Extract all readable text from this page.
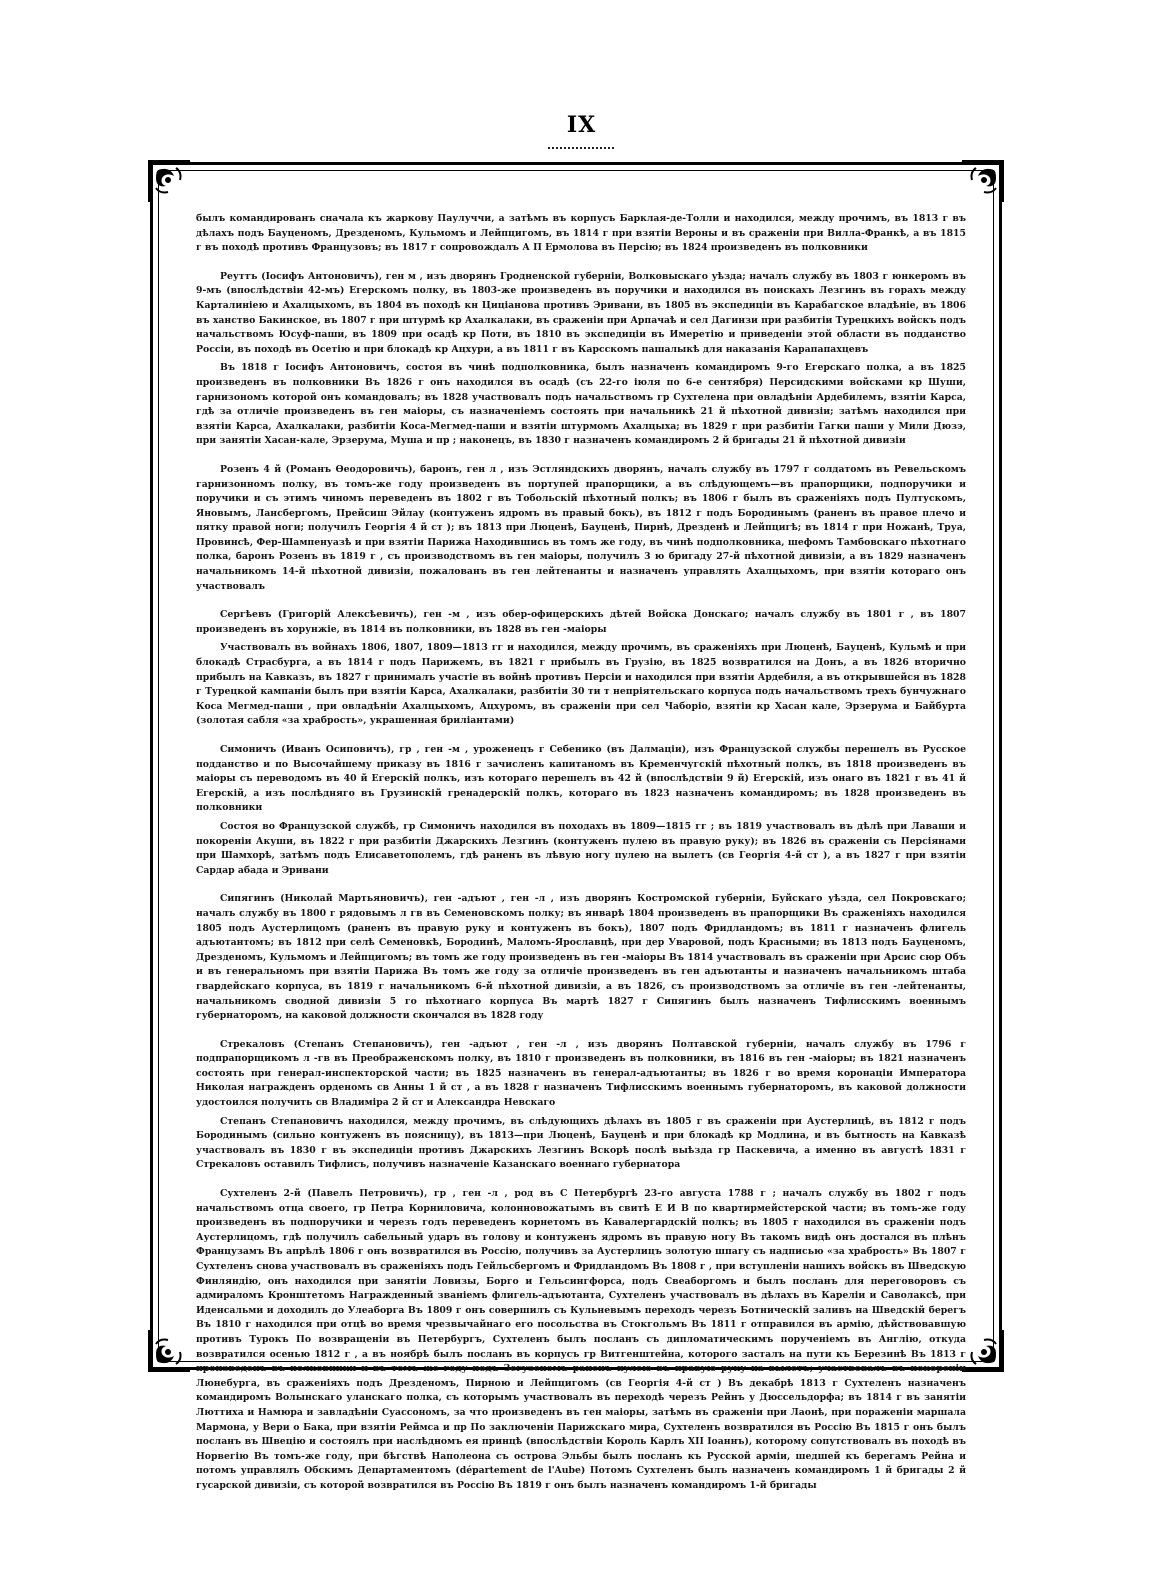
IX

былъ командированъ сначала къ жаркову Паулуччи, а затѣмъ въ корпусъ Барклая-де-Толли и находился, между прочимъ, въ 1813 г въ дѣлахъ подъ Бауценомъ, Дрезденомъ, Кульмомъ и Лейпцигомъ, въ 1814 г при взятіи Вероны и въ сраженіи при Вилла-Франкѣ, а въ 1815 г въ походѣ противъ Французовъ; въ 1817 г сопровождалъ А П Ермолова въ Персію; въ 1824 произведенъ въ полковники

Реуттъ (Іосифъ Антоновичъ), ген м , изъ дворянъ Гродненской губерніи, Волковыскаго уѣзда; началъ службу въ 1803 г юнкеромъ въ 9-мъ (впослѣдствіи 42-мъ) Егерскомъ полку, въ 1803-же произведенъ въ поручики и находился въ поискахъ Лезгинъ въ горахъ между Карталиніею и Ахалцыхомъ, въ 1804 въ походѣ кн Цицiанова противъ Эривани, въ 1805 въ экспедиціи въ Карабагское владѣніе, въ 1806 въ ханство Бакинское, въ 1807 г при штурмѣ кр Ахалкалаки, въ сраженіи при Арпачаѣ и сел Дагинзи при разбитіи Турецкихъ войскъ подъ начальствомъ Юсуф-паши, въ 1809 при осадѣ кр Поти, въ 1810 въ экспедиціи въ Имеретію и приведеніи этой области въ подданство Россіи, въ походѣ въ Осетію и при блокадѣ кр Ацхури, а въ 1811 г въ Карсскомъ пашалыкѣ для наказанія Карапапахцевъ

Въ 1818 г Іосифъ Антоновичъ, состоя въ чинѣ подполковника, былъ назначенъ командиромъ 9-го Егерскаго полка, а въ 1825 произведенъ въ полковники Въ 1826 г онъ находился въ осадѣ (съ 22-го іюля по 6-е сентября) Персидскими войсками кр Шуши, гарнизономъ которой онъ командовалъ; въ 1828 участвовалъ подъ начальствомъ гр Сухтелена при овладѣніи Ардебилемъ, взятіи Карса, гдѣ за отличіе произведенъ въ ген маіоры, съ назначеніемъ состоять при начальникѣ 21 й пѣхотной дивизіи; затѣмъ находился при взятіи Карса, Ахалкалаки, разбитіи Коса-Мегмед-паши и взятіи штурмомъ Ахалцыха; въ 1829 г при разбитіи Гагки паши у Мили Дюзэ, при занятіи Хасан-кале, Эрзерума, Муша и пр ; наконецъ, въ 1830 г назначенъ командиромъ 2 й бригады 21 й пѣхотной дивизіи

Розенъ 4 й (Романъ Ѳеодоровичъ), баронъ, ген л , изъ Эстляндскихъ дворянъ, началъ службу въ 1797 г солдатомъ въ Ревельскомъ гарнизонномъ полку, въ томъ-же году произведенъ въ портупей прапорщики, а въ слѣдующемъ—въ прапорщики, подпоручики и поручики и съ этимъ чиномъ переведенъ въ 1802 г въ Тобольскій пѣхотный полкъ; въ 1806 г былъ въ сраженіяхъ подъ Пултускомъ, Яновымъ, Лансбергомъ, Прейсиш Эйлау (контуженъ ядромъ въ правый бокъ), въ 1812 г подъ Бородинымъ (раненъ въ правое плечо и пятку правой ноги; получилъ Георгія 4 й ст ); въ 1813 при Люценѣ, Бауценѣ, Пирнѣ, Дрезденѣ и Лейпцигѣ; въ 1814 г при Ножанѣ, Труа, Провинсѣ, Фер-Шампенуазѣ и при взятіи Парижа Находившись въ томъ же году, въ чинѣ подполковника, шефомъ Тамбовскаго пѣхотнаго полка, баронъ Розенъ въ 1819 г , съ производствомъ въ ген маіоры, получилъ 3 ю бригаду 27-й пѣхотной дивизіи, а въ 1829 назначенъ начальникомъ 14-й пѣхотной дивизіи, пожалованъ въ ген лейтенанты и назначенъ управлять Ахалцыхомъ, при взятіи котораго онъ участвовалъ

Сергѣевъ (Григорій Алексѣевичъ), ген -м , изъ обер-офицерскихъ дѣтей Войска Донскаго; началъ службу въ 1801 г , въ 1807 произведенъ въ хорунжіе, въ 1814 въ полковники, въ 1828 въ ген -маіоры

Участвовалъ въ войнахъ 1806, 1807, 1809—1813 гг и находился, между прочимъ, въ сраженіяхъ при Люценѣ, Бауценѣ, Кульмѣ и при блокадѣ Страсбурга, а въ 1814 г подъ Парижемъ, въ 1821 г прибылъ въ Грузію, въ 1825 возвратился на Донъ, а въ 1826 вторично прибылъ на Кавказъ, въ 1827 г принималъ участіе въ войнѣ противъ Персіи и находился при взятіи Ардебиля, а въ открывшейся въ 1828 г Турецкой кампаніи былъ при взятіи Карса, Ахалкалаки, разбитіи 30 ти т непріятельскаго корпуса подъ начальствомъ трехъ бунчужнаго Коса Мегмед-паши , при овладѣніи Ахалцыхомъ, Ацхуромъ, въ сраженіи при сел Чаборіо, взятіи кр Хасан кале, Эрзерума и Байбурта (золотая сабля «за храбрость», украшенная бриліантами)

Симоничъ (Иванъ Осиповичъ), гр , ген -м , уроженецъ г Себенико (въ Далмаціи), изъ Французской службы перешелъ въ Русское подданство и по Высочайшему приказу въ 1816 г зачисленъ капитаномъ въ Кременчугскій пѣхотный полкъ, въ 1818 произведенъ въ маіоры съ переводомъ въ 40 й Егерскій полкъ, изъ котораго перешелъ въ 42 й (впослѣдствіи 9 й) Егерскій, изъ онаго въ 1821 г въ 41 й Егерскій, а изъ послѣдняго въ Грузинскій гренадерскій полкъ, котораго въ 1823 назначенъ командиромъ; въ 1828 произведенъ въ полковники

Состоя во Французской службѣ, гр Симоничъ находился въ походахъ въ 1809—1815 гг ; въ 1819 участвовалъ въ дѣлѣ при Лаваши и покореніи Акуши, въ 1822 г при разбитіи Джарскихъ Лезгинъ (контуженъ пулею въ правую руку); въ 1826 въ сраженіи съ Персіянами при Шамхорѣ, затѣмъ подъ Елисаветополемъ, гдѣ раненъ въ лѣвую ногу пулею на вылетъ (св Георгія 4-й ст ), а въ 1827 г при взятіи Сардар абада и Эривани

Сипягинъ (Николай Мартьяновичъ), ген -адъют , ген -л , изъ дворянъ Костромской губерніи, Буйскаго уѣзда, сел Покровскаго; началъ службу въ 1800 г рядовымъ л гв въ Семеновскомъ полку; въ январѣ 1804 произведенъ въ прапорщики Въ сраженіяхъ находился 1805 подъ Аустерлицомъ (раненъ въ правую руку и контуженъ въ бокъ), 1807 подъ Фридландомъ; въ 1811 г назначенъ флигель адъютантомъ; въ 1812 при селѣ Семеновкѣ, Бородинѣ, Маломъ-Ярославцѣ, при дер Уваровой, подъ Красными; въ 1813 подъ Бауценомъ, Дрезденомъ, Кульмомъ и Лейпцигомъ; въ томъ же году произведенъ въ ген -маіоры Въ 1814 участвовалъ въ сраженіи при Арсис сюр Объ и въ генеральномъ при взятіи Парижа Въ томъ же году за отличіе произведенъ въ ген адъютанты и назначенъ начальникомъ штаба гвардейскаго корпуса, въ 1819 г начальникомъ 6-й пѣхотной дивизіи, а въ 1826, съ производствомъ за отличіе въ ген -лейтенанты, начальникомъ сводной дивизіи 5 го пѣхотнаго корпуса Въ мартѣ 1827 г Сипягинъ былъ назначенъ Тифлисскимъ военнымъ губернаторомъ, на каковой должности скончался въ 1828 году

Стрекаловъ (Степанъ Степановичъ), ген -адъют , ген -л , изъ дворянъ Полтавской губерніи, началъ службу въ 1796 г подпрапорщикомъ л -гв въ Преображенскомъ полку, въ 1810 г произведенъ въ полковники, въ 1816 въ ген -маіоры; въ 1821 назначенъ состоять при генерал-инспекторской части; въ 1825 назначенъ въ генерал-адъютанты; въ 1826 г во время коронаціи Императора Николая награжденъ орденомъ св Анны 1 й ст , а въ 1828 г назначенъ Тифлисскимъ военнымъ губернаторомъ, въ каковой должности удостоился получить св Владиміра 2 й ст и Александра Невскаго

Степанъ Степановичъ находился, между прочимъ, въ слѣдующихъ дѣлахъ въ 1805 г въ сраженіи при Аустерлицѣ, въ 1812 г подъ Бородинымъ (сильно контуженъ въ поясницу), въ 1813—при Люценѣ, Бауценѣ и при блокадѣ кр Модлина, и въ бытность на Кавказѣ участвовалъ въ 1830 г въ экспедиціи противъ Джарскихъ Лезгинъ Вскорѣ послѣ выѣзда гр Паскевича, а именно въ августѣ 1831 г Стрекаловъ оставилъ Тифлисъ, получивъ назначеніе Казанскаго военнаго губернатора

Сухтеленъ 2-й (Павелъ Петровичъ), гр , ген -л , род въ С Петербургѣ 23-го августа 1788 г ; началъ службу въ 1802 г подъ начальствомъ отца своего, гр Петра Корниловича, колонновожатымъ въ свитѣ Е И В по квартирмейстерской части; въ томъ-же году произведенъ въ подпоручики и черезъ годъ переведенъ корнетомъ въ Кавалергардскій полкъ; въ 1805 г находился въ сраженіи подъ Аустерлицомъ, гдѣ получилъ сабельный ударъ въ голову и контуженъ ядромъ въ правую ногу Въ такомъ видѣ онъ достался въ плѣнъ Французамъ Въ апрѣлѣ 1806 г онъ возвратился въ Россію, получивъ за Аустерлицъ золотую шпагу съ надписью «за храбрость» Въ 1807 г Сухтеленъ снова участвовалъ въ сраженіяхъ подъ Гейльсбергомъ и Фридландомъ Въ 1808 г , при вступленіи нашихъ войскъ въ Шведскую Финляндію, онъ находился при занятіи Ловизы, Борго и Гельсингфорса, подъ Свеаборгомъ и былъ посланъ для переговоровъ съ адмираломъ Кронштетомъ Награжденный званіемъ флигель-адъютанта, Сухтеленъ участвовалъ въ дѣлахъ въ Кареліи и Саволаксѣ, при Иденсальми и доходилъ до Улеаборга Въ 1809 г онъ совершилъ съ Кульневымъ переходъ черезъ Ботническій заливъ на Шведскій берегъ Въ 1810 г находился при отцѣ во время чрезвычайнаго его посольства въ Стокгольмъ Въ 1811 г отправился въ армію, дѣйствовавшую противъ Турокъ По возвращеніи въ Петербургъ, Сухтеленъ былъ посланъ съ дипломатическимъ порученіемъ въ Англію, откуда возвратился осенью 1812 г , а въ ноябрѣ былъ посланъ въ корпусъ гр Витгенштейна, которого засталъ на пути къ Березинѣ Въ 1813 г произведенъ въ полковники и въ томъ же году подъ Зегузеномъ раненъ пулею въ правую руку на вылетъ; участвовалъ въ покореніи Люнебурга, въ сраженіяхъ подъ Дрезденомъ, Пирною и Лейпцигомъ (св Георгія 4-й ст ) Въ декабрѣ 1813 г Сухтеленъ назначенъ командиромъ Волынскаго уланскаго полка, съ которымъ участвовалъ въ переходѣ черезъ Рейнъ у Дюссельдорфа; въ 1814 г въ занятіи Люттиха и Намюра и завладѣніи Суассономъ, за что произведенъ въ ген маіоры, затѣмъ въ сраженіи при Лаонѣ, при пораженіи маршала Мармона, у Вери о Бака, при взятіи Реймса и пр По заключеніи Парижскаго мира, Сухтеленъ возвратился въ Россію Въ 1815 г онъ былъ посланъ въ Швецію и состоялъ при наслѣдномъ ея принцѣ (впослѣдствіи Король Карлъ XII Іоаннъ), которому сопутствовалъ въ походѣ въ Норвегію Въ томъ-же году, при бѣгствѣ Наполеона съ острова Эльбы былъ посланъ къ Русской арміи, шедшей къ берегамъ Рейна и потомъ управлялъ Обскимъ Департаментомъ (département de l'Aube) Потомъ Сухтеленъ былъ назначенъ командиромъ 1 й бригады 2 й гусарской дивизіи, съ которой возвратился въ Россію Въ 1819 г онъ былъ назначенъ командиромъ 1-й бригады
